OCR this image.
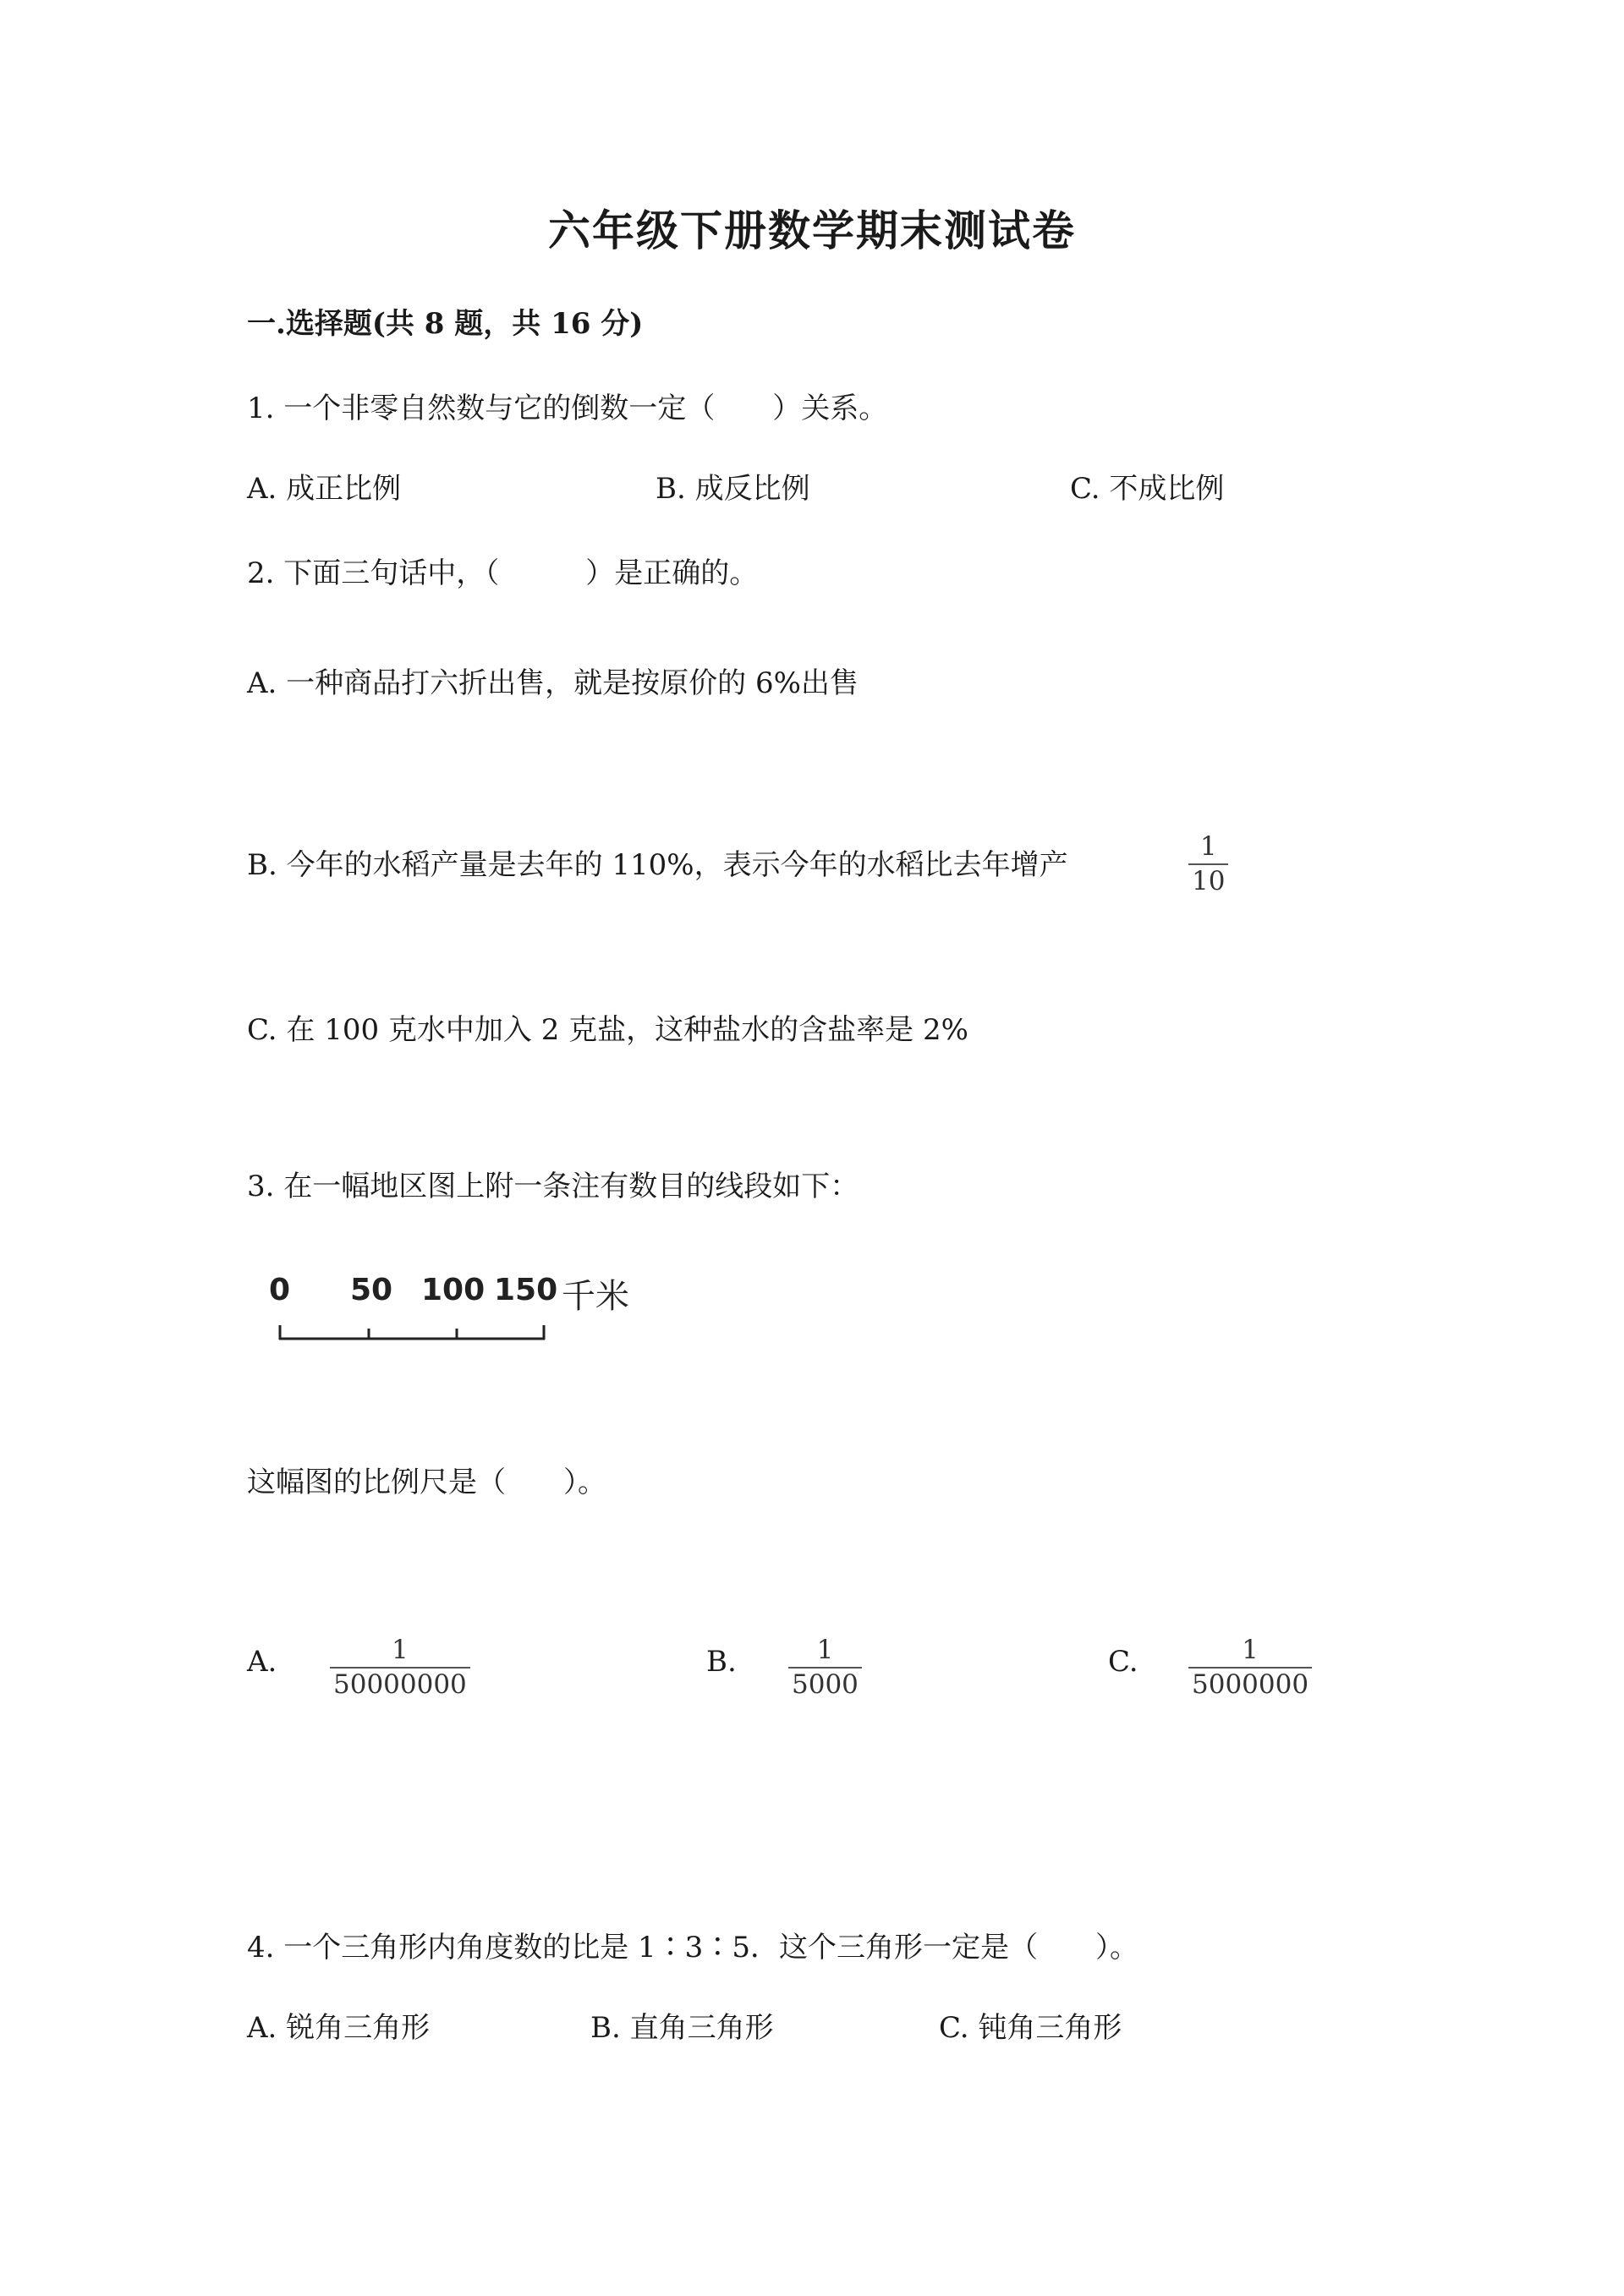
六年级下册数学期末测试卷
一.选择题(共 8 题，共 16 分)
1. 一个非零自然数与它的倒数一定（　　）关系。
A. 成正比例	B. 成反比例	C. 不成比例
2. 下面三句话中，（　　　）是正确的。
A. 一种商品打六折出售，就是按原价的 6%出售
B. 今年的水稻产量是去年的 110%，表示今年的水稻比去年增产	$\frac{1}{10}$
C. 在 100 克水中加入 2 克盐，这种盐水的含盐率是 2%
3. 在一幅地区图上附一条注有数目的线段如下：
0 50 100 150 千米
这幅图的比例尺是（　　）。
A. $\frac{1}{50000000}$	B. $\frac{1}{5000}$	C. $\frac{1}{5000000}$
4. 一个三角形内角度数的比是 1∶3∶5．这个三角形一定是（　　）。
A. 锐角三角形	B. 直角三角形	C. 钝角三角形
